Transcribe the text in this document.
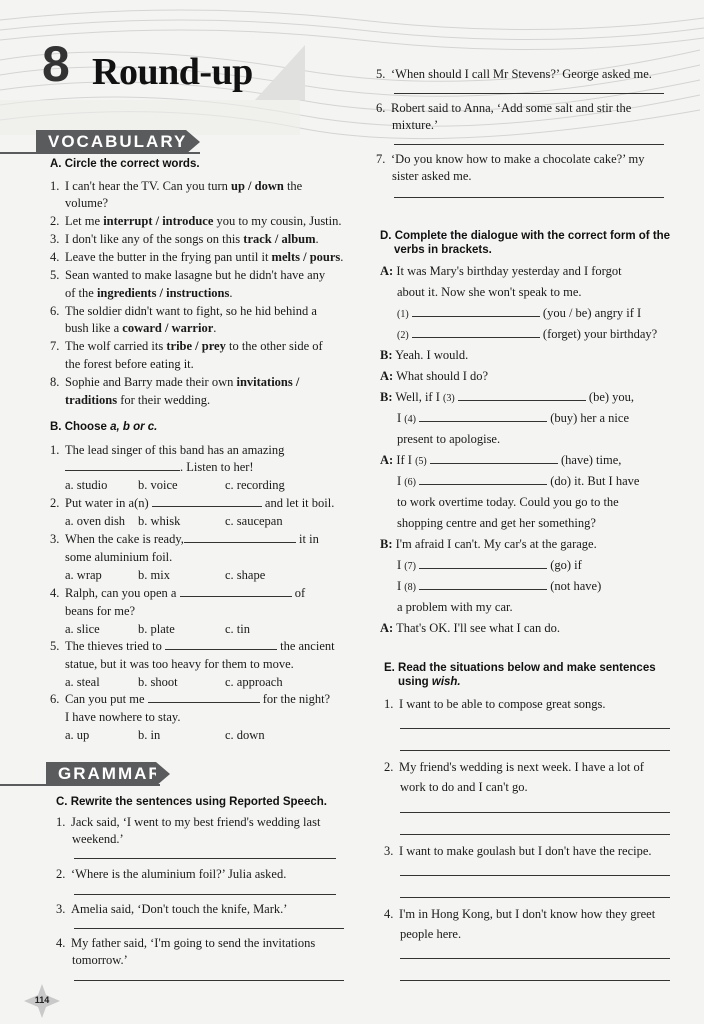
8 Round-up
VOCABULARY
A. Circle the correct words.
1. I can't hear the TV. Can you turn up / down the
volume?
2. Let me interrupt / introduce you to my cousin, Justin.
3. I don't like any of the songs on this track / album.
4. Leave the butter in the frying pan until it melts / pours.
5. Sean wanted to make lasagne but he didn't have any
of the ingredients / instructions.
6. The soldier didn't want to fight, so he hid behind a
bush like a coward / warrior.
7. The wolf carried its tribe / prey to the other side of
the forest before eating it.
8. Sophie and Barry made their own invitations /
traditions for their wedding.
B. Choose a, b or c.
1. The lead singer of this band has an amazing
. Listen to her!
a. studio b. voice	c. recording
2. Put water in a(n)	and let it boil.
a. oven dish b. whisk	c. saucepan
3. When the cake is ready,	it in
some aluminium foil.
a. wrap	b. mix	c. shape
4. Ralph, can you open a	of
beans for me?
a. slice	b. plate	c. tin
5. The thieves tried to	the ancient
statue, but it was too heavy for them to move.
a. steal	b. shoot	c. approach
6. Can you put me	for the night?
I have nowhere to stay.
a. up	b. in	c. down
GRAMMAR
C. Rewrite the sentences using Reported Speech.
1. Jack said, ‘I went to my best friend's wedding last
weekend.’
2. ‘Where is the aluminium foil?’ Julia asked.
3. Amelia said, ‘Don't touch the knife, Mark.’
4. My father said, ‘I'm going to send the invitations
tomorrow.’
114
5. ‘When should I call Mr Stevens?’ George asked me.
6. Robert said to Anna, ‘Add some salt and stir the
mixture.’
7. ‘Do you know how to make a chocolate cake?’ my
sister asked me.
D. Complete the dialogue with the correct form of the
verbs in brackets.
A: It was Mary's birthday yesterday and I forgot
about it. Now she won't speak to me.
(1)	(you / be) angry if I
(2)	(forget) your birthday?
B: Yeah. I would.
A: What should I do?
B: Well, if I (3)	(be) you,
I (4)	(buy) her a nice
present to apologise.
A: If I (5)	(have) time,
I (6)	(do) it. But I have
to work overtime today. Could you go to the
shopping centre and get her something?
B: I'm afraid I can't. My car's at the garage.
I (7)	(go) if
I (8)	(not have)
a problem with my car.
A: That's OK. I'll see what I can do.
E. Read the situations below and make sentences
using wish.
1. I want to be able to compose great songs.
2. My friend's wedding is next week. I have a lot of
work to do and I can't go.
3. I want to make goulash but I don't have the recipe.
4. I'm in Hong Kong, but I don't know how they greet
people here.
